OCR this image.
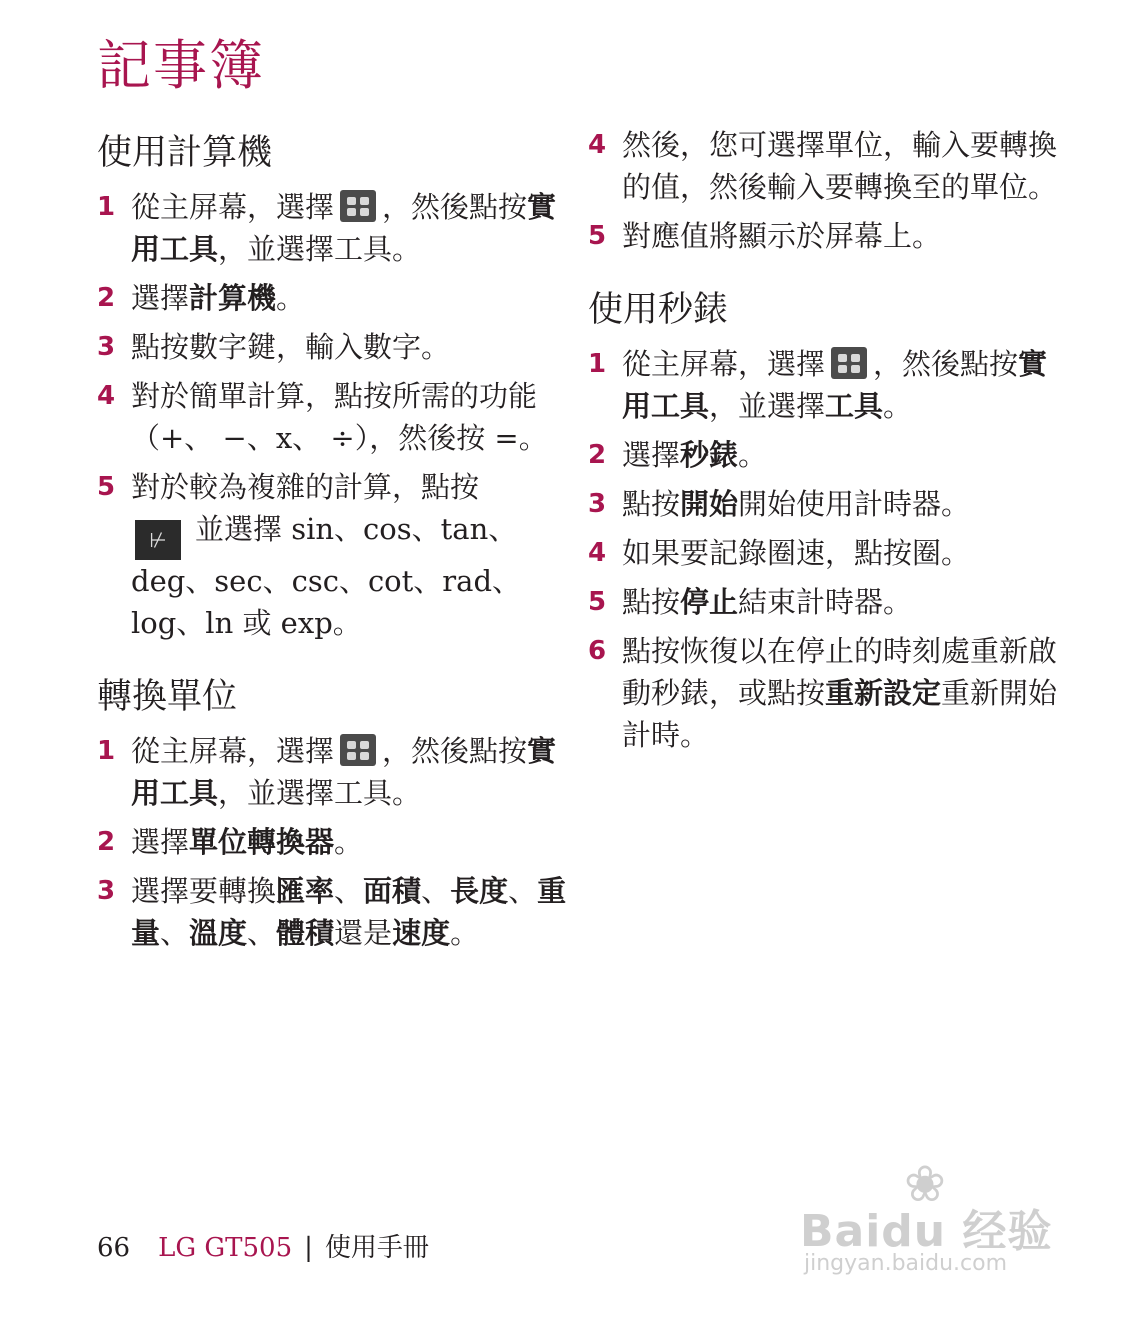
記事簿
使用計算機
1 從主屏幕，選擇 ，然後點按實用工具，並選擇工具。
2 選擇計算機。
3 點按數字鍵，輸入數字。
4 對於簡單計算，點按所需的功能（+、 −、x、 ÷），然後按 =。
5 對於較為複雜的計算，點按
⊬ 並選擇 sin、cos、tan、deg、sec、csc、cot、rad、log、ln 或 exp。
轉換單位
1 從主屏幕，選擇 ，然後點按實用工具，並選擇工具。
2 選擇單位轉換器。
3 選擇要轉換匯率、面積、長度、重量、溫度、體積還是速度。
4 然後，您可選擇單位，輸入要轉換的值，然後輸入要轉換至的單位。
5 對應值將顯示於屏幕上。
使用秒錶
1 從主屏幕，選擇 ，然後點按實用工具，並選擇工具。
2 選擇秒錶。
3 點按開始開始使用計時器。
4 如果要記錄圈速，點按圈。
5 點按停止結束計時器。
6 點按恢復以在停止的時刻處重新啟動秒錶，或點按重新設定重新開始計時。
66 LG GT505 | 使用手冊
❀
Baidu 经验
jingyan.baidu.com
